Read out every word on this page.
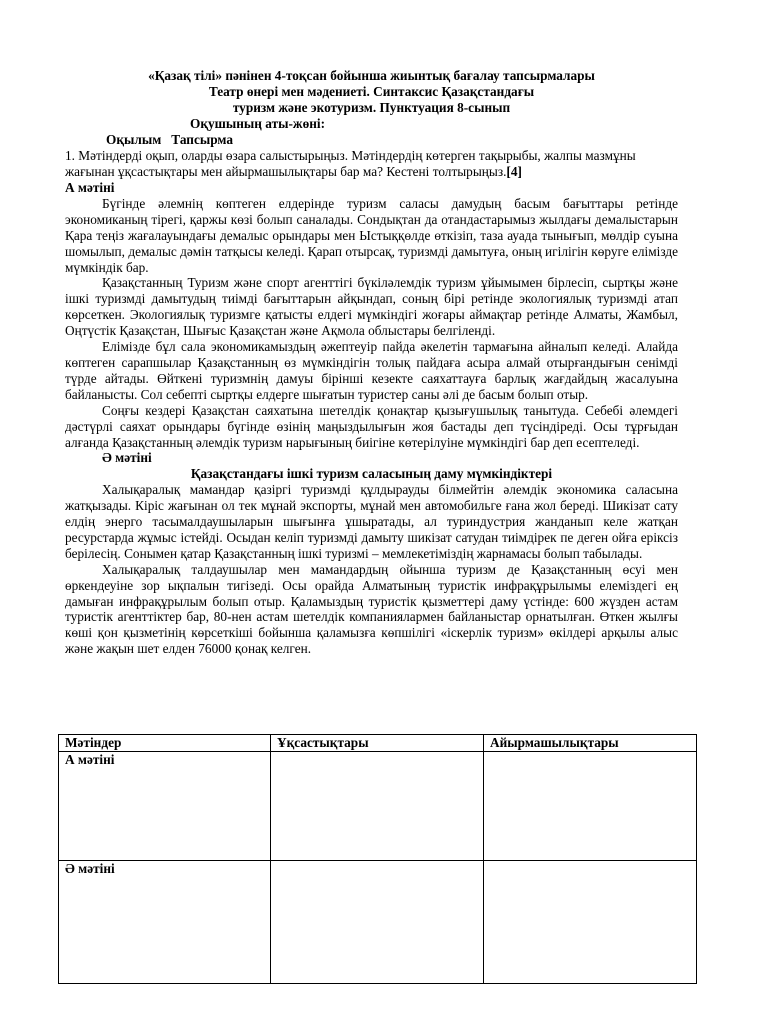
«Қазақ тілі» пәнінен 4-тоқсан бойынша жиынтық бағалау тапсырмалары

Театр өнері мен мәдениеті. Синтаксис Қазақстандағы

туризм және экотуризм. Пунктуация 8-сынып

Оқушының аты-жөні:
Оқылым Тапсырма

1. Мәтіндерді оқып, оларды өзара салыстырыңыз. Мәтіндердің көтерген тақырыбы, жалпы мазмұны жағынан ұқсастықтары мен айырмашылықтары бар ма? Кестені толтырыңыз.[4]

А мәтіні

Бүгінде әлемнің көптеген елдерінде туризм саласы дамудың басым бағыттары ретінде экономиканың тірегі, қаржы көзі болып саналады. Сондықтан да отандастарымыз жылдағы демалыстарын Қара теңіз жағалауындағы демалыс орындары мен Ыстыққөлде өткізіп, таза ауада тынығып, мөлдір суына шомылып, демалыс дәмін татқысы келеді. Қарап отырсақ, туризмді дамытуға, оның игілігін көруге елімізде мүмкіндік бар.

Қазақстанның Туризм және спорт агенттігі бүкіләлемдік туризм ұйымымен бірлесіп, сыртқы және ішкі туризмді дамытудың тиімді бағыттарын айқындап, соның бірі ретінде экологиялық туризмді атап көрсеткен. Экологиялық туризмге қатысты елдегі мүмкіндігі жоғары аймақтар ретінде Алматы, Жамбыл, Оңтүстік Қазақстан, Шығыс Қазақстан және Ақмола облыстары белгіленді.

Елімізде бұл сала экономикамыздың әжептеуір пайда әкелетін тармағына айналып келеді. Алайда көптеген сарапшылар Қазақстанның өз мүмкіндігін толық пайдаға асыра алмай отырғандығын сенімді түрде айтады. Өйткені туризмнің дамуы бірінші кезекте саяхаттауға барлық жағдайдың жасалуына байланысты. Сол себепті сыртқы елдерге шығатын туристер саны әлі де басым болып отыр.

Соңғы кездері Қазақстан саяхатына шетелдік қонақтар қызығушылық танытуда. Себебі әлемдегі дәстүрлі саяхат орындары бүгінде өзінің маңыздылығын жоя бастады деп түсіндіреді. Осы тұрғыдан алғанда Қазақстанның әлемдік туризм нарығының биігіне көтерілуіне мүмкіндігі бар деп есептеледі.

Ә мәтіні

Қазақстандағы ішкі туризм саласының даму мүмкіндіктері

Халықаралық мамандар қазіргі туризмді құлдырауды білмейтін әлемдік экономика саласына жатқызады. Кіріс жағынан ол тек мұнай экспорты, мұнай мен автомобильге ғана жол береді. Шикізат сату елдің энерго тасымалдаушыларын шығынға ұшыратады, ал туриндустрия жанданып келе жатқан ресурстарда жұмыс істейді. Осыдан келіп туризмді дамыту шикізат сатудан тиімдірек пе деген ойға еріксіз берілесің. Сонымен қатар Қазақстанның ішкі туризмі – мемлекетіміздің жарнамасы болып табылады.

Халықаралық талдаушылар мен мамандардың ойынша туризм де Қазақстанның өсуі мен өркендеуіне зор ықпалын тигізеді. Осы орайда Алматының туристік инфрақұрылымы елеміздегі ең дамыған инфрақұрылым болып отыр. Қаламыздың туристік қызметтері даму үстінде: 600 жүзден астам туристік агенттіктер бар, 80-нен астам шетелдік компаниялармен байланыстар орнатылған. Өткен жылғы көші қон қызметінің көрсеткіші бойынша қаламызға көпшілігі «іскерлік туризм» өкілдері арқылы алыс және жақын шет елден 76000 қонақ келген.

Мәтіндер	Ұқсастықтары	Айырмашылықтары
А мәтіні		
Ә мәтіні		
